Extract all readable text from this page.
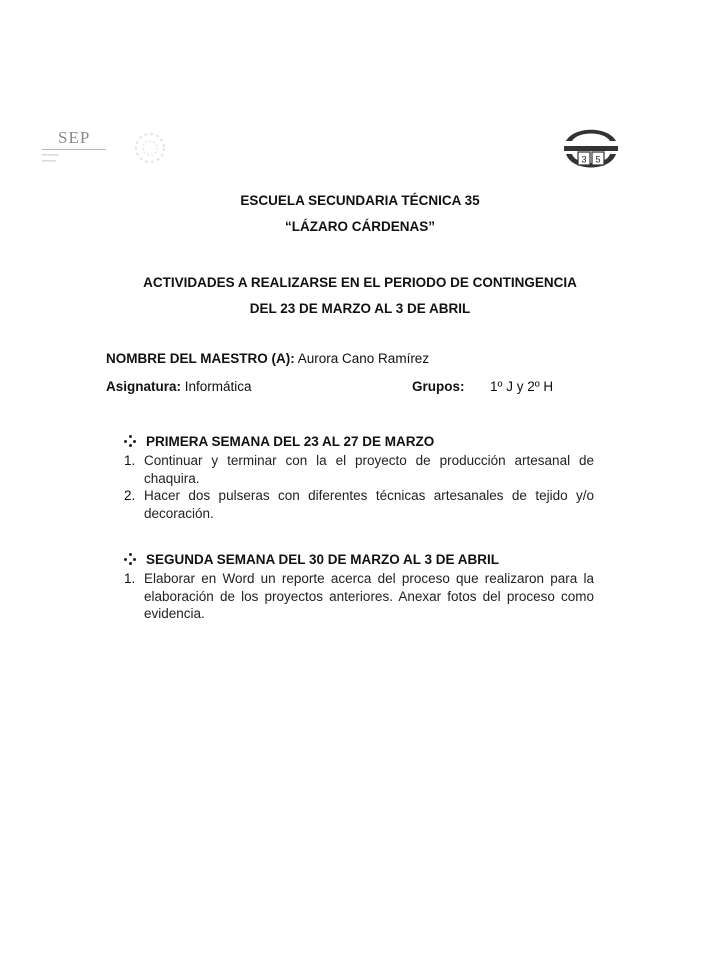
SEP
▪▪▪▪▪▪▪▪▪▪▪▪
▪▪▪▪▪▪▪▪▪▪	3 5
ESCUELA SECUNDARIA TÉCNICA 35
“LÁZARO CÁRDENAS”
ACTIVIDADES A REALIZARSE EN EL PERIODO DE CONTINGENCIA
DEL 23 DE MARZO AL 3 DE ABRIL
NOMBRE DEL MAESTRO (A): Aurora Cano Ramírez
Asignatura: Informática	Grupos: 1º J y 2º H
PRIMERA SEMANA DEL 23 AL 27 DE MARZO
1. Continuar y terminar con la el proyecto de producción artesanal de chaquira.
2. Hacer dos pulseras con diferentes técnicas artesanales de tejido y/o decoración.
SEGUNDA SEMANA DEL 30 DE MARZO AL 3 DE ABRIL
1. Elaborar en Word un reporte acerca del proceso que realizaron para la elaboración de los proyectos anteriores. Anexar fotos del proceso como evidencia.
